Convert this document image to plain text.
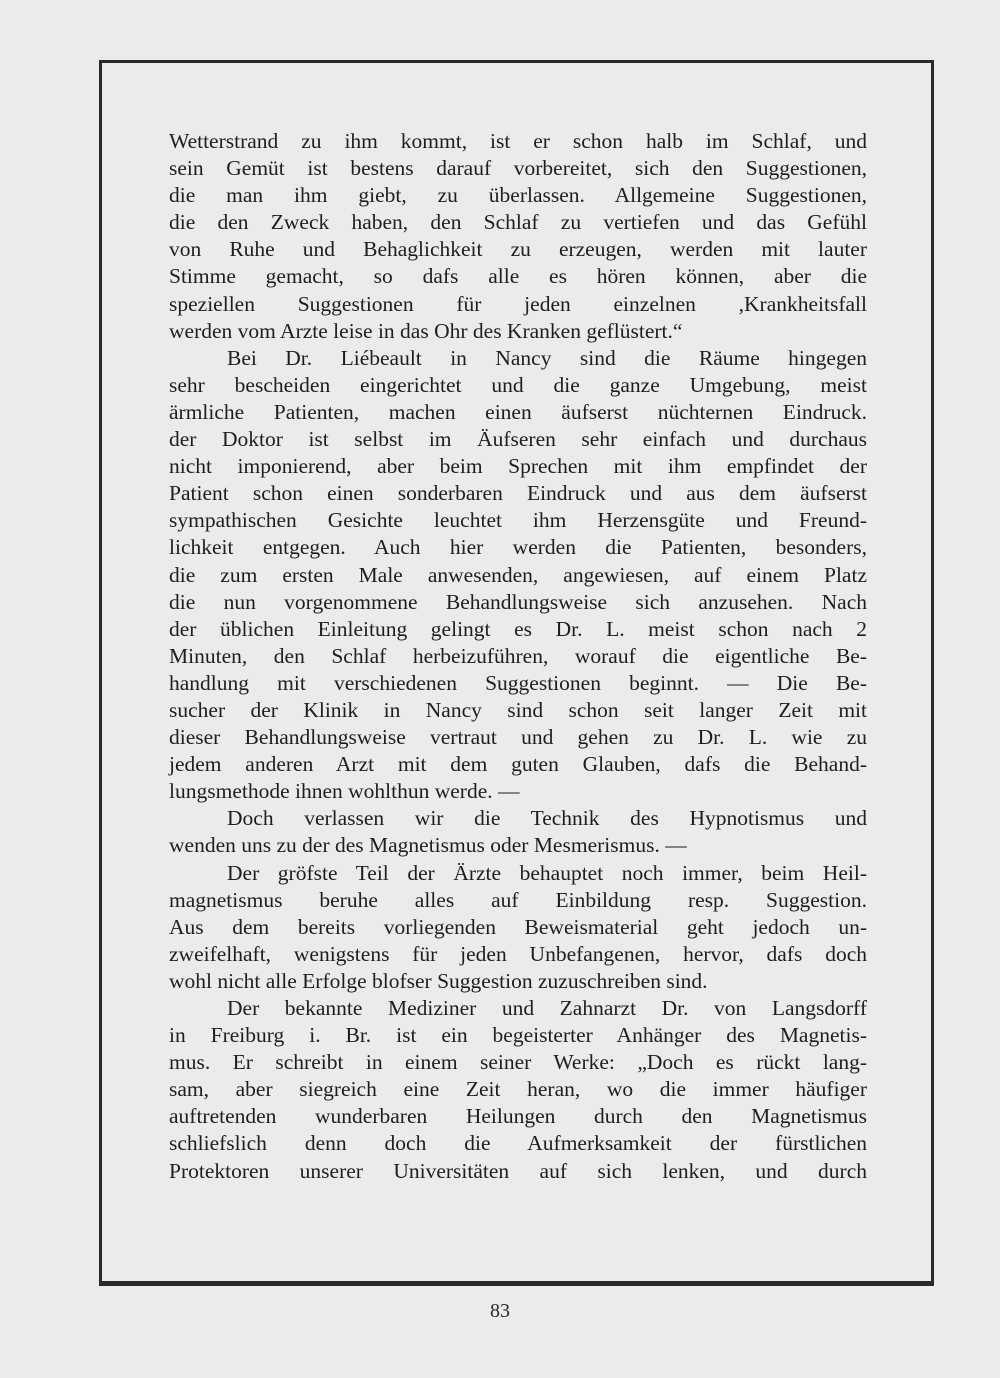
Wetterstrand zu ihm kommt, ist er schon halb im Schlaf, und
sein Gemüt ist bestens darauf vorbereitet, sich den Suggestionen,
die man ihm giebt, zu überlassen. Allgemeine Suggestionen,
die den Zweck haben, den Schlaf zu vertiefen und das Gefühl
von Ruhe und Behaglichkeit zu erzeugen, werden mit lauter
Stimme gemacht, so dafs alle es hören können, aber die
speziellen Suggestionen für jeden einzelnen ,Krankheitsfall
werden vom Arzte leise in das Ohr des Kranken geflüstert.“
Bei Dr. Liébeault in Nancy sind die Räume hingegen
sehr bescheiden eingerichtet und die ganze Umgebung, meist
ärmliche Patienten, machen einen äufserst nüchternen Eindruck.
der Doktor ist selbst im Äufseren sehr einfach und durchaus
nicht imponierend, aber beim Sprechen mit ihm empfindet der
Patient schon einen sonderbaren Eindruck und aus dem äufserst
sympathischen Gesichte leuchtet ihm Herzensgüte und Freund-
lichkeit entgegen. Auch hier werden die Patienten, besonders,
die zum ersten Male anwesenden, angewiesen, auf einem Platz
die nun vorgenommene Behandlungsweise sich anzusehen. Nach
der üblichen Einleitung gelingt es Dr. L. meist schon nach 2
Minuten, den Schlaf herbeizuführen, worauf die eigentliche Be-
handlung mit verschiedenen Suggestionen beginnt. — Die Be-
sucher der Klinik in Nancy sind schon seit langer Zeit mit
dieser Behandlungsweise vertraut und gehen zu Dr. L. wie zu
jedem anderen Arzt mit dem guten Glauben, dafs die Behand-
lungsmethode ihnen wohlthun werde. —
Doch verlassen wir die Technik des Hypnotismus und
wenden uns zu der des Magnetismus oder Mesmerismus. —
Der gröfste Teil der Ärzte behauptet noch immer, beim Heil-
magnetismus beruhe alles auf Einbildung resp. Suggestion.
Aus dem bereits vorliegenden Beweismaterial geht jedoch un-
zweifelhaft, wenigstens für jeden Unbefangenen, hervor, dafs doch
wohl nicht alle Erfolge blofser Suggestion zuzuschreiben sind.
Der bekannte Mediziner und Zahnarzt Dr. von Langsdorff
in Freiburg i. Br. ist ein begeisterter Anhänger des Magnetis-
mus. Er schreibt in einem seiner Werke: „Doch es rückt lang-
sam, aber siegreich eine Zeit heran, wo die immer häufiger
auftretenden wunderbaren Heilungen durch den Magnetismus
schliefslich denn doch die Aufmerksamkeit der fürstlichen
Protektoren unserer Universitäten auf sich lenken, und durch
83
